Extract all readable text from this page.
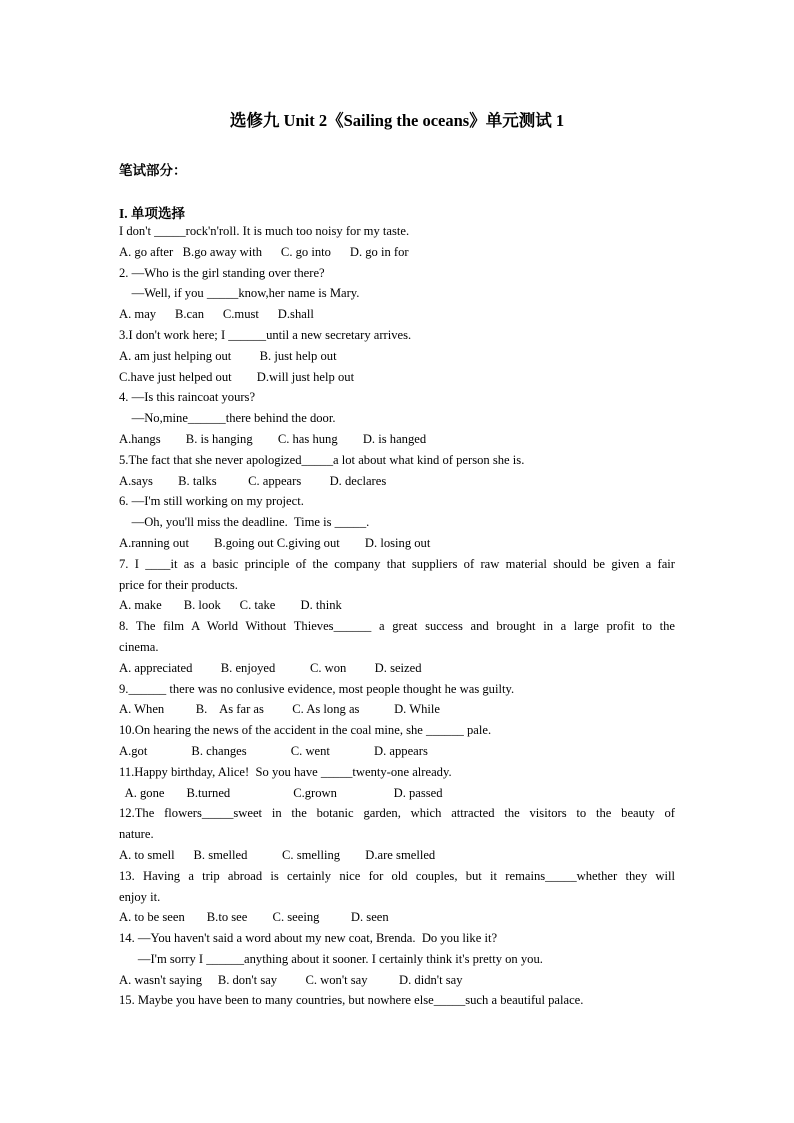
选修九 Unit 2《Sailing the oceans》单元测试 1
笔试部分：
I. 单项选择
I don't _____rock'n'roll. It is much too noisy for my taste.
A. go after   B.go away with      C. go into      D. go in for
2. —Who is the girl standing over there?
—Well, if you _____know,her name is Mary.
A. may      B.can      C.must      D.shall
3.I don't work here; I ______until a new secretary arrives.
A. am just helping out         B. just help out
C.have just helped out        D.will just help out
4. —Is this raincoat yours?
—No,mine______there behind the door.
A.hangs        B. is hanging        C. has hung        D. is hanged
5.The fact that she never apologized_____a lot about what kind of person she is.
A.says        B. talks          C. appears         D. declares
6. —I'm still working on my project.
—Oh, you'll miss the deadline.  Time is _____.
A.ranning out        B.going out C.giving out        D. losing out
7. I ____it as a basic principle of the company that suppliers of raw material should be given a fair
price for their products.
A. make       B. look      C. take        D. think
8. The film A World Without Thieves______ a great success and brought in a large profit to the
cinema.
A. appreciated         B. enjoyed           C. won         D. seized
9.______ there was no conlusive evidence, most people thought he was guilty.
A. When          B.    As far as         C. As long as           D. While
10.On hearing the news of the accident in the coal mine, she ______ pale.
A.got              B. changes              C. went              D. appears
11.Happy birthday, Alice!  So you have _____twenty-one already.
A. gone       B.turned                    C.grown                  D. passed
12.The flowers_____sweet in the botanic garden, which attracted the visitors to the beauty of
nature.
A. to smell      B. smelled           C. smelling        D.are smelled
13. Having a trip abroad is certainly nice for old couples, but it remains_____whether they will
enjoy it.
A. to be seen       B.to see        C. seeing          D. seen
14. —You haven't said a word about my new coat, Brenda.  Do you like it?
—I'm sorry I ______anything about it sooner. I certainly think it's pretty on you.
A. wasn't saying     B. don't say         C. won't say          D. didn't say
15. Maybe you have been to many countries, but nowhere else_____such a beautiful palace.
